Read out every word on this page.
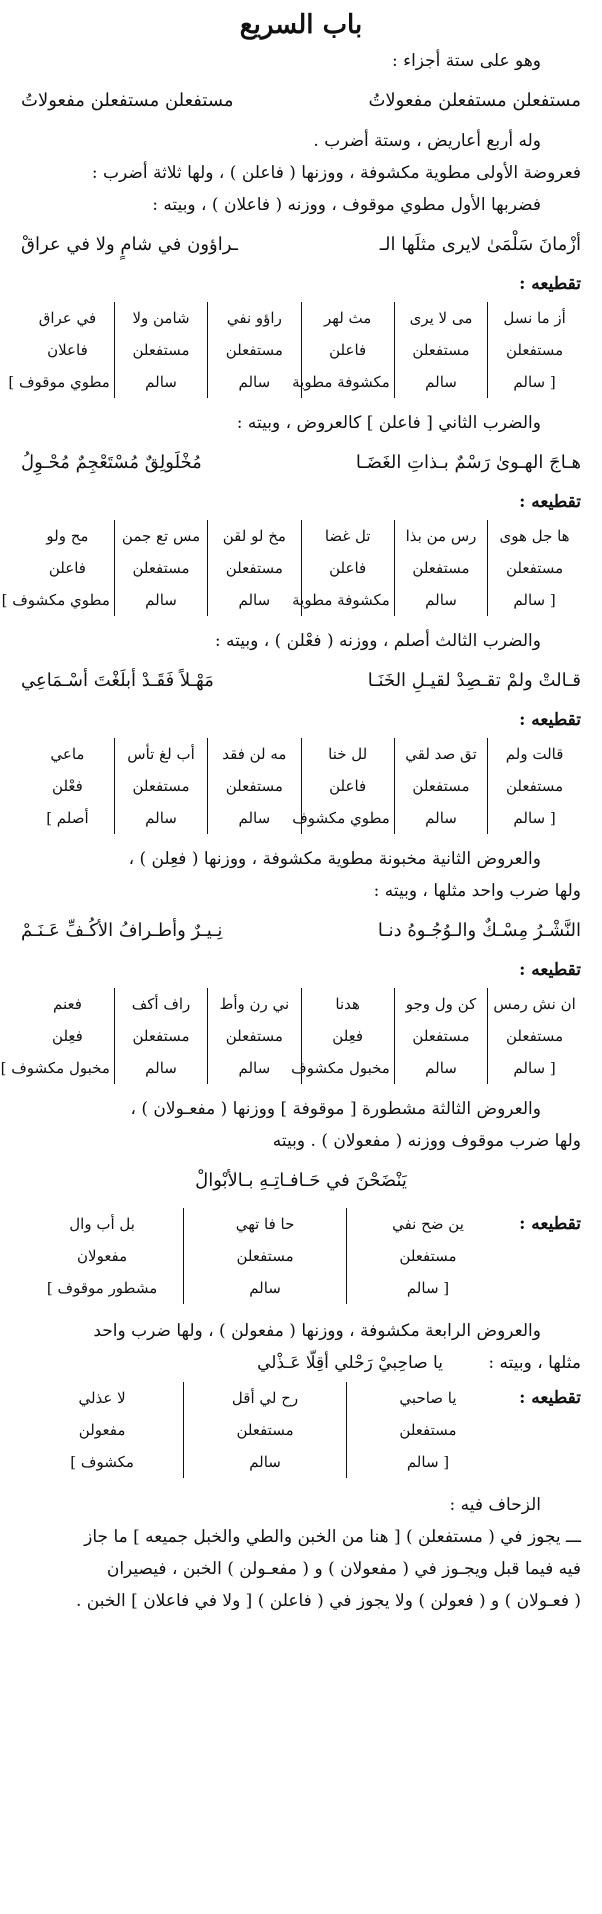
باب السريع

وهو على ستة أجزاء :

مستفعلن مستفعلن مفعولاتُ
مستفعلن مستفعلن مفعولاتُ

وله أربع أعاريض ، وستة أضرب .

فعروضة الأولى مطوية مكشوفة ، ووزنها ( فاعلن ) ، ولها ثلاثة أضرب :

فضربها الأول مطوي موقوف ، ووزنه ( فاعلان ) ، وبيته :

أزْمانَ سَلْمَىٰ لايرى مثلَها الـ
ـراؤون في شامٍ ولا في عراقْ
تقطيعه :
أز ما نسل	مى لا يرى	مث لهر	راؤو نفي	شامن ولا	في عراق
مستفعلن	مستفعلن	فاعلن	مستفعلن	مستفعلن	فاعلان
[ سالم	سالم	مكشوفة مطوية	سالم	سالم	مطوي موقوف ]

والضرب الثاني [ فاعلن ] كالعروض ، وبيته :

هـاجَ الهـوىٰ رَسْمٌ بـذاتِ الغَضَـا
مُخْلَولِقٌ مُسْتَعْجِمٌ مُحْـوِلُ
تقطيعه :
ها جل هوى	رس من بذا	تل غضا	مخ لو لقن	مس تع جمن	مح ولو
مستفعلن	مستفعلن	فاعلن	مستفعلن	مستفعلن	فاعلن
[ سالم	سالم	مكشوفة مطوية	سالم	سالم	مطوي مكشوف ]

والضرب الثالث أصلم ، ووزنه ( فعْلن ) ، وبيته :

قـالتْ ولمْ تقـصِدْ لقيـلِ الخَنَـا
مَهْـلاً فَقَـدْ أبلَغْتَ أسْـمَاعِي
تقطيعه :
قالت ولم	تق صد لقي	لل خنا	مه لن فقد	أب لغ تأس	ماعي
مستفعلن	مستفعلن	فاعلن	مستفعلن	مستفعلن	فعْلن
[ سالم	سالم	مطوي مكشوف	سالم	سالم	أصلم ]

والعروض الثانية مخبونة مطوية مكشوفة ، ووزنها ( فعِلن ) ،

ولها ضرب واحد مثلها ، وبيته :

النَّشْـرُ مِسْـكٌ والـوُجُـوهُ دنـا
نِـيـرٌ وأطـرافُ الأكُـفِّ عَـنَـمْ
تقطيعه :
ان نش رمس	كن ول وجو	هدنا	ني رن وأط	راف أكف	فعنم
مستفعلن	مستفعلن	فعِلن	مستفعلن	مستفعلن	فعِلن
[ سالم	سالم	مخبول مكشوف	سالم	سالم	مخبول مكشوف ]

والعروض الثالثة مشطورة [ موقوفة ] ووزنها ( مفعـولان ) ،

ولها ضرب موقوف ووزنه ( مفعولان ) . وبيته

يَنْضَحْنَ في حَـافـاتِـهِ بـالأبْوالْ
تقطيعه :
ين ضح نفي	حا فا تهي	بل أب وال
مستفعلن	مستفعلن	مفعولان
[ سالم	سالم	مشطور موقوف ]

والعروض الرابعة مكشوفة ، ووزنها ( مفعولن ) ، ولها ضرب واحد

مثلها ، وبيته : يا صاحِبيْ رَحْلي أقِلّا عَـذْلي

تقطيعه :
يا صاحبي	رح لي أقل	لا عذلي
مستفعلن	مستفعلن	مفعولن
[ سالم	سالم	مكشوف ]

الزحاف فيه :

ـــ يجوز في ( مستفعلن ) [ هنا من الخبن والطي والخبل جميعه ] ما جاز

فيه فيما قبل ويجـوز في ( مفعولان ) و ( مفعـولن ) الخبن ، فيصيران

( فعـولان ) و ( فعولن ) ولا يجوز في ( فاعلن ) [ ولا في فاعلان ] الخبن .
